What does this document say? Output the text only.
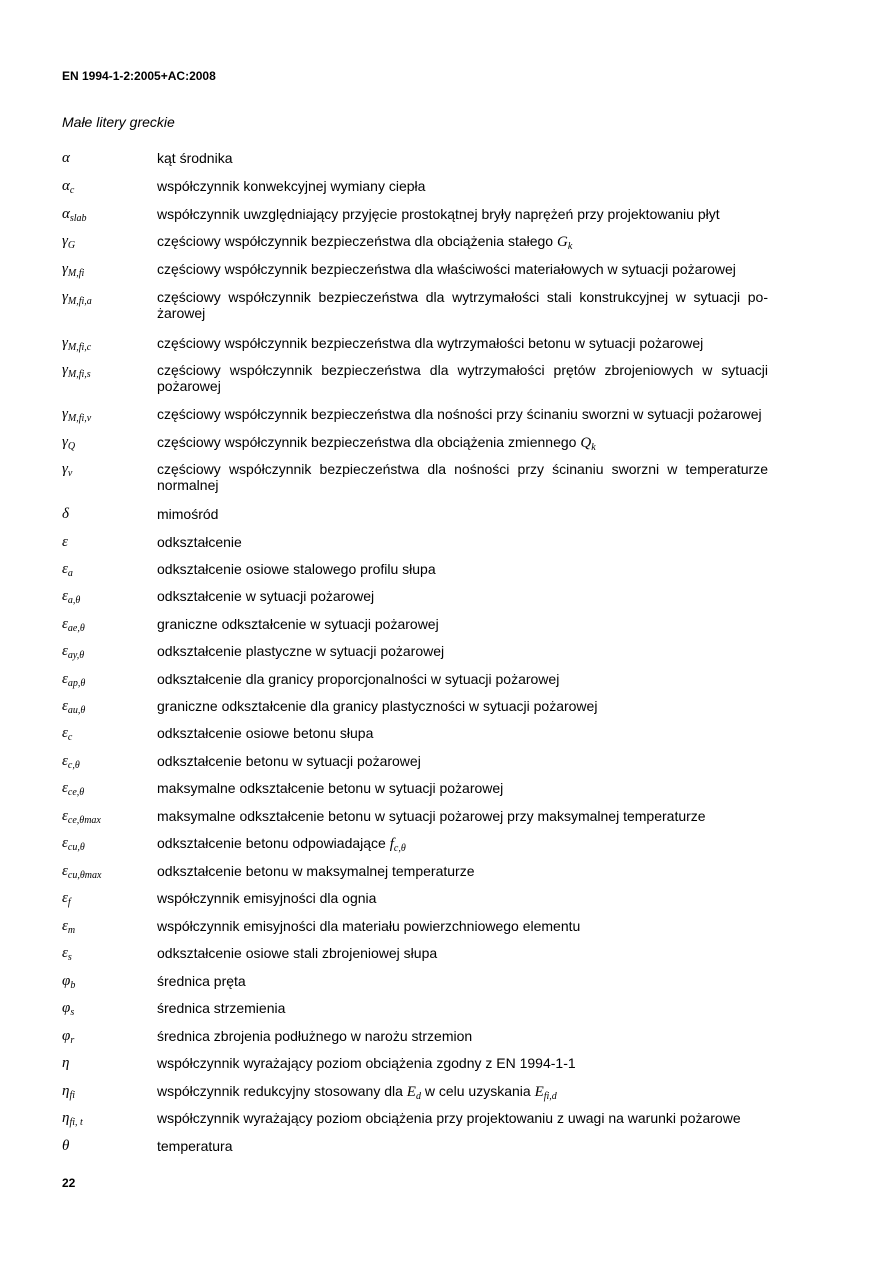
EN 1994-1-2:2005+AC:2008
Małe litery greckie
α	kąt środnika
$\alpha_c$	współczynnik konwekcyjnej wymiany ciepła
$\alpha_{slab}$	współczynnik uwzględniający przyjęcie prostokątnej bryły naprężeń przy projektowaniu płyt
$\gamma_G$	częściowy współczynnik bezpieczeństwa dla obciążenia stałego $G_k$
$\gamma_{M,fi}$	częściowy współczynnik bezpieczeństwa dla właściwości materiałowych w sytuacji pożarowej
$\gamma_{M,fi,a}$	częściowy współczynnik bezpieczeństwa dla wytrzymałości stali konstrukcyjnej w sytuacji po-żarowej
$\gamma_{M,fi,c}$	częściowy współczynnik bezpieczeństwa dla wytrzymałości betonu w sytuacji pożarowej
$\gamma_{M,fi,s}$	częściowy współczynnik bezpieczeństwa dla wytrzymałości prętów zbrojeniowych w sytuacji pożarowej
$\gamma_{M,fi,v}$	częściowy współczynnik bezpieczeństwa dla nośności przy ścinaniu sworzni w sytuacji pożarowej
$\gamma_Q$	częściowy współczynnik bezpieczeństwa dla obciążenia zmiennego $Q_k$
$\gamma_v$	częściowy współczynnik bezpieczeństwa dla nośności przy ścinaniu sworzni w temperaturze normalnej
δ	mimośród
ε	odkształcenie
$\varepsilon_a$	odkształcenie osiowe stalowego profilu słupa
$\varepsilon_{a,\theta}$	odkształcenie w sytuacji pożarowej
$\varepsilon_{ae,\theta}$	graniczne odkształcenie w sytuacji pożarowej
$\varepsilon_{ay,\theta}$	odkształcenie plastyczne w sytuacji pożarowej
$\varepsilon_{ap,\theta}$	odkształcenie dla granicy proporcjonalności w sytuacji pożarowej
$\varepsilon_{au,\theta}$	graniczne odkształcenie dla granicy plastyczności w sytuacji pożarowej
$\varepsilon_c$	odkształcenie osiowe betonu słupa
$\varepsilon_{c,\theta}$	odkształcenie betonu w sytuacji pożarowej
$\varepsilon_{ce,\theta}$	maksymalne odkształcenie betonu w sytuacji pożarowej
$\varepsilon_{ce,\theta max}$	maksymalne odkształcenie betonu w sytuacji pożarowej przy maksymalnej temperaturze
$\varepsilon_{cu,\theta}$	odkształcenie betonu odpowiadające $f_{c,\theta}$
$\varepsilon_{cu,\theta max}$	odkształcenie betonu w maksymalnej temperaturze
$\varepsilon_f$	współczynnik emisyjności dla ognia
$\varepsilon_m$	współczynnik emisyjności dla materiału powierzchniowego elementu
$\varepsilon_s$	odkształcenie osiowe stali zbrojeniowej słupa
$\varphi_b$	średnica pręta
$\varphi_s$	średnica strzemienia
$\varphi_r$	średnica zbrojenia podłużnego w narożu strzemion
η	współczynnik wyrażający poziom obciążenia zgodny z EN 1994-1-1
$\eta_{fi}$	współczynnik redukcyjny stosowany dla $E_d$ w celu uzyskania $E_{fi,d}$
$\eta_{fi, t}$	współczynnik wyrażający poziom obciążenia przy projektowaniu z uwagi na warunki pożarowe
θ	temperatura
22
